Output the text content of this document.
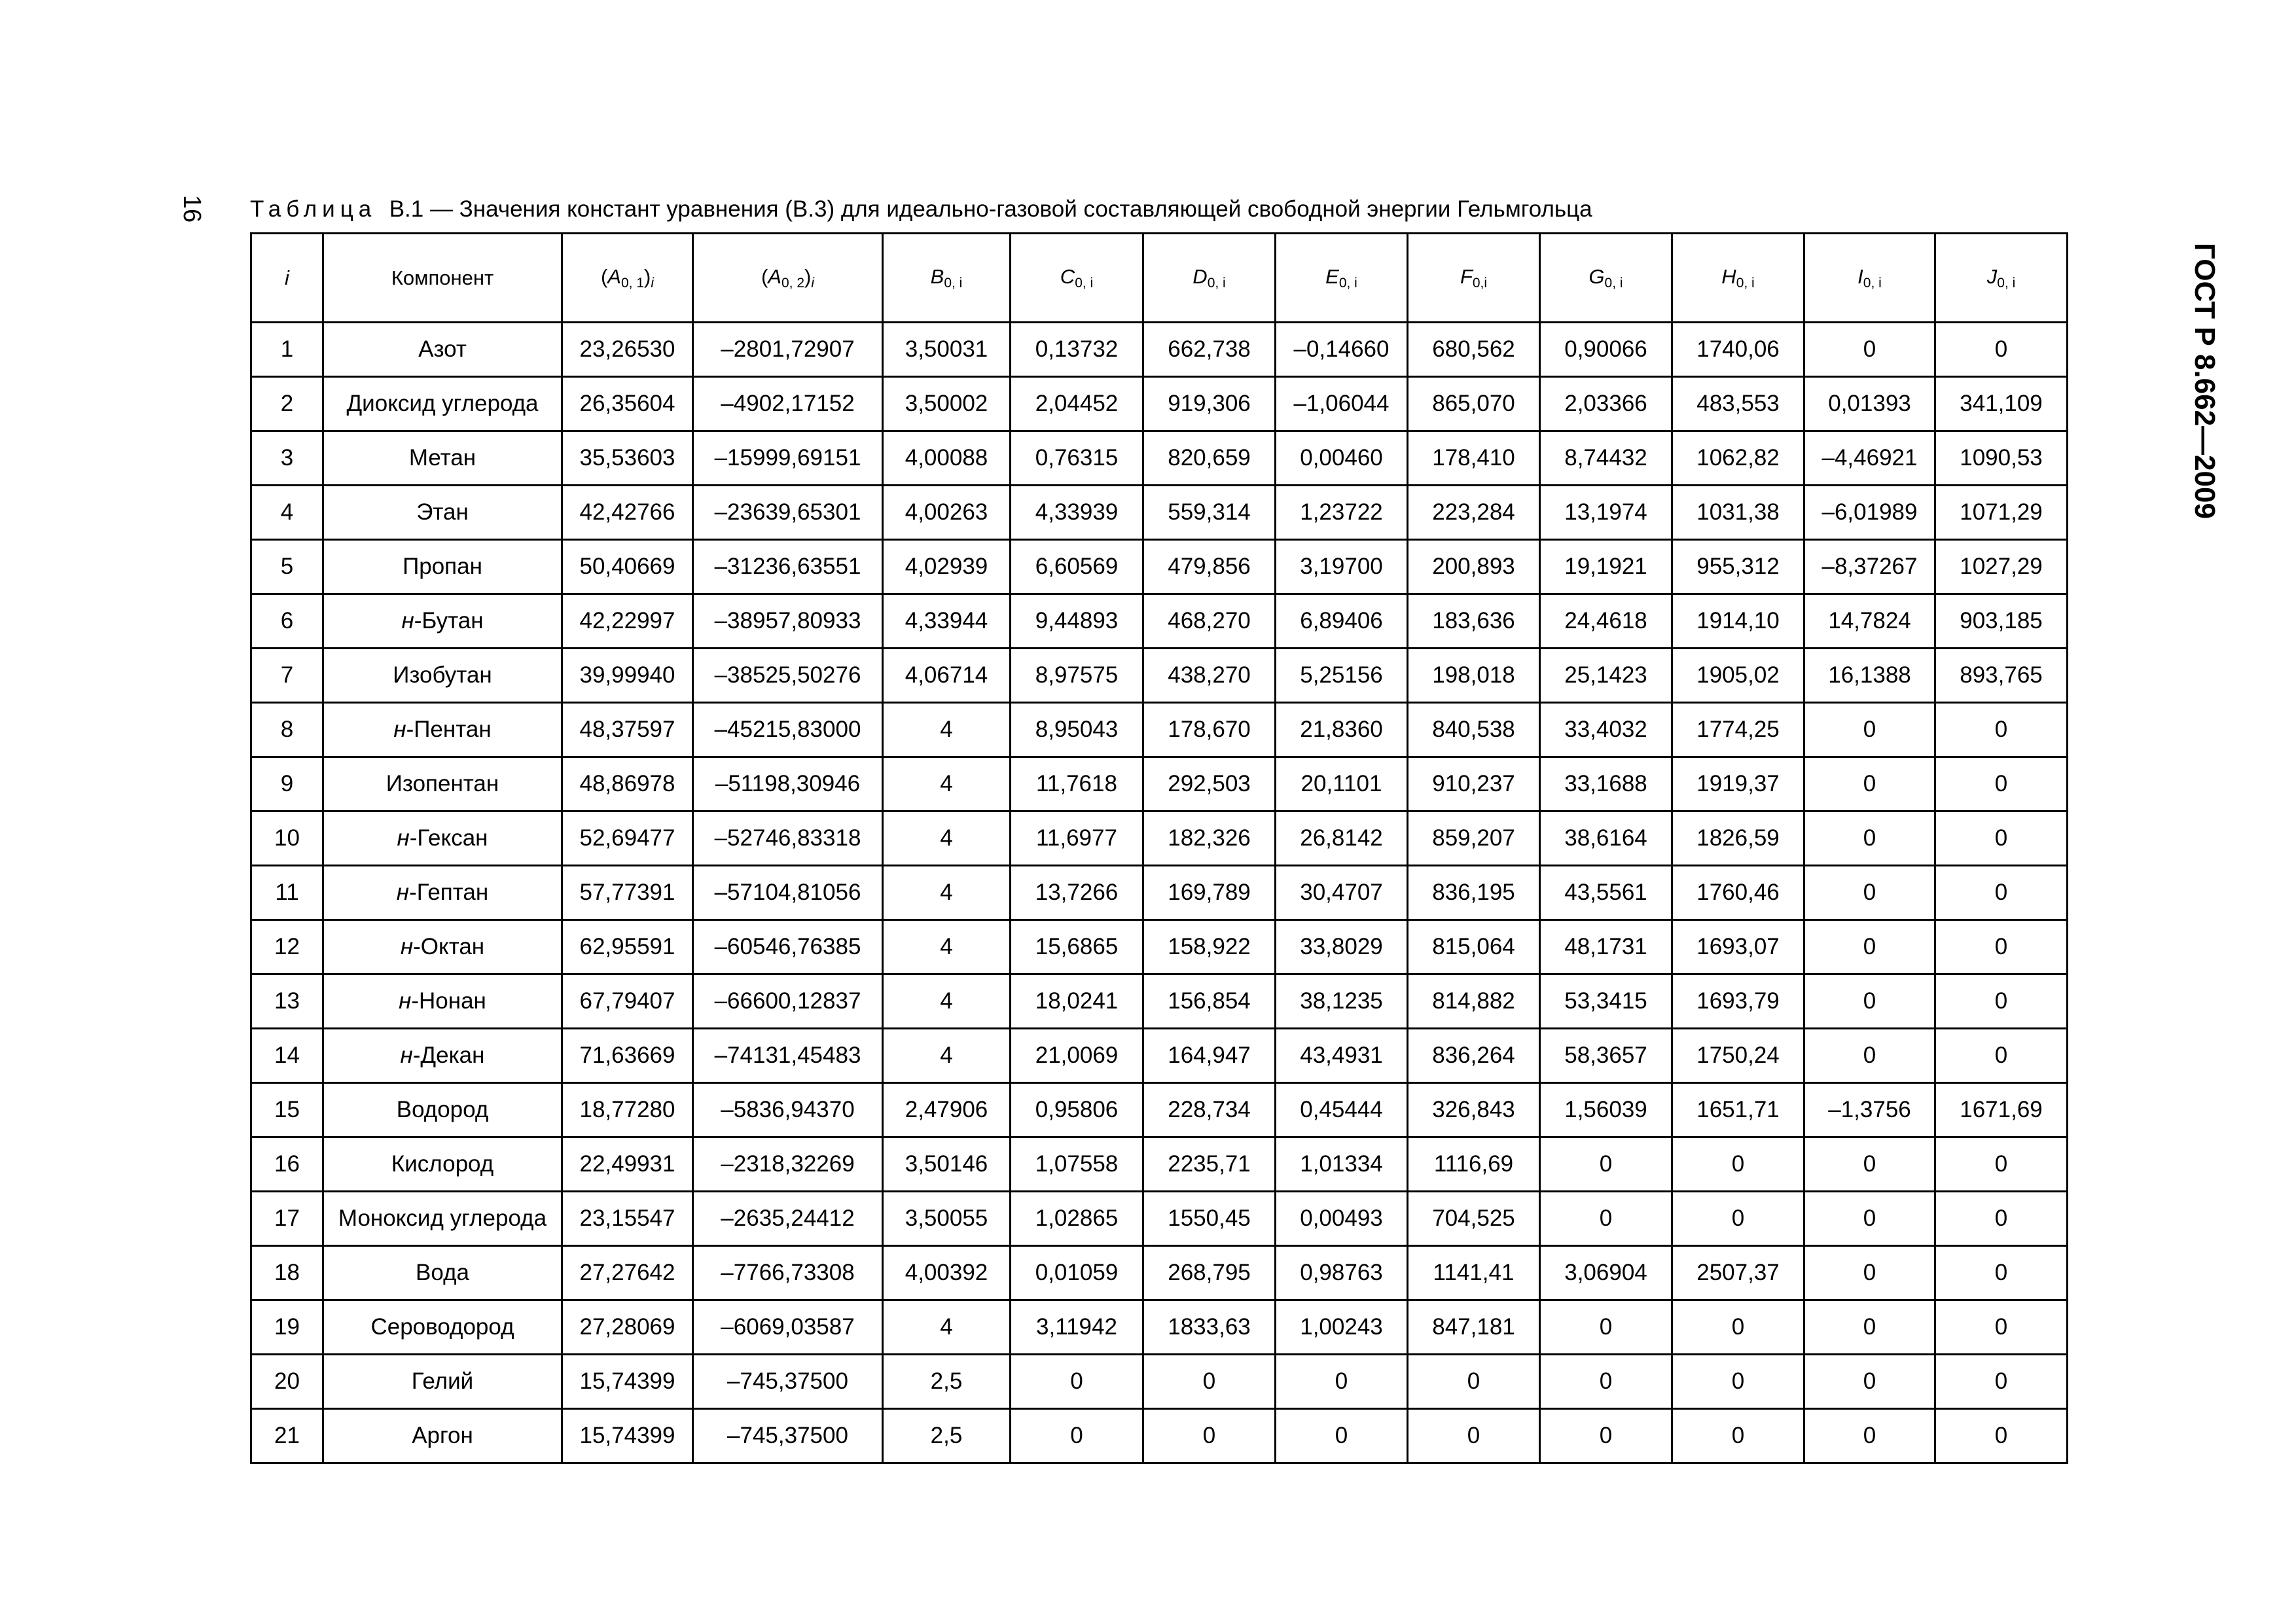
16
ГОСТ Р 8.662—2009
Таблица В.1 — Значения констант уравнения (В.3) для идеально-газовой составляющей свободной энергии Гельмгольца
i	Компонент	$(A_{0, 1})_i$	$(A_{0, 2})_i$	$B_{0, i}$	$C_{0, i}$	$D_{0, i}$	$E_{0, i}$	$F_{0,i}$	$G_{0, i}$	$H_{0, i}$	$I_{0, i}$	$J_{0, i}$
1	Азот	23,26530	–2801,72907	3,50031	0,13732	662,738	–0,14660	680,562	0,90066	1740,06	0	0
2	Диоксид углерода	26,35604	–4902,17152	3,50002	2,04452	919,306	–1,06044	865,070	2,03366	483,553	0,01393	341,109
3	Метан	35,53603	–15999,69151	4,00088	0,76315	820,659	0,00460	178,410	8,74432	1062,82	–4,46921	1090,53
4	Этан	42,42766	–23639,65301	4,00263	4,33939	559,314	1,23722	223,284	13,1974	1031,38	–6,01989	1071,29
5	Пропан	50,40669	–31236,63551	4,02939	6,60569	479,856	3,19700	200,893	19,1921	955,312	–8,37267	1027,29
6	н-Бутан	42,22997	–38957,80933	4,33944	9,44893	468,270	6,89406	183,636	24,4618	1914,10	14,7824	903,185
7	Изобутан	39,99940	–38525,50276	4,06714	8,97575	438,270	5,25156	198,018	25,1423	1905,02	16,1388	893,765
8	н-Пентан	48,37597	–45215,83000	4	8,95043	178,670	21,8360	840,538	33,4032	1774,25	0	0
9	Изопентан	48,86978	–51198,30946	4	11,7618	292,503	20,1101	910,237	33,1688	1919,37	0	0
10	н-Гексан	52,69477	–52746,83318	4	11,6977	182,326	26,8142	859,207	38,6164	1826,59	0	0
11	н-Гептан	57,77391	–57104,81056	4	13,7266	169,789	30,4707	836,195	43,5561	1760,46	0	0
12	н-Октан	62,95591	–60546,76385	4	15,6865	158,922	33,8029	815,064	48,1731	1693,07	0	0
13	н-Нонан	67,79407	–66600,12837	4	18,0241	156,854	38,1235	814,882	53,3415	1693,79	0	0
14	н-Декан	71,63669	–74131,45483	4	21,0069	164,947	43,4931	836,264	58,3657	1750,24	0	0
15	Водород	18,77280	–5836,94370	2,47906	0,95806	228,734	0,45444	326,843	1,56039	1651,71	–1,3756	1671,69
16	Кислород	22,49931	–2318,32269	3,50146	1,07558	2235,71	1,01334	1116,69	0	0	0	0
17	Моноксид углерода	23,15547	–2635,24412	3,50055	1,02865	1550,45	0,00493	704,525	0	0	0	0
18	Вода	27,27642	–7766,73308	4,00392	0,01059	268,795	0,98763	1141,41	3,06904	2507,37	0	0
19	Сероводород	27,28069	–6069,03587	4	3,11942	1833,63	1,00243	847,181	0	0	0	0
20	Гелий	15,74399	–745,37500	2,5	0	0	0	0	0	0	0	0
21	Аргон	15,74399	–745,37500	2,5	0	0	0	0	0	0	0	0
